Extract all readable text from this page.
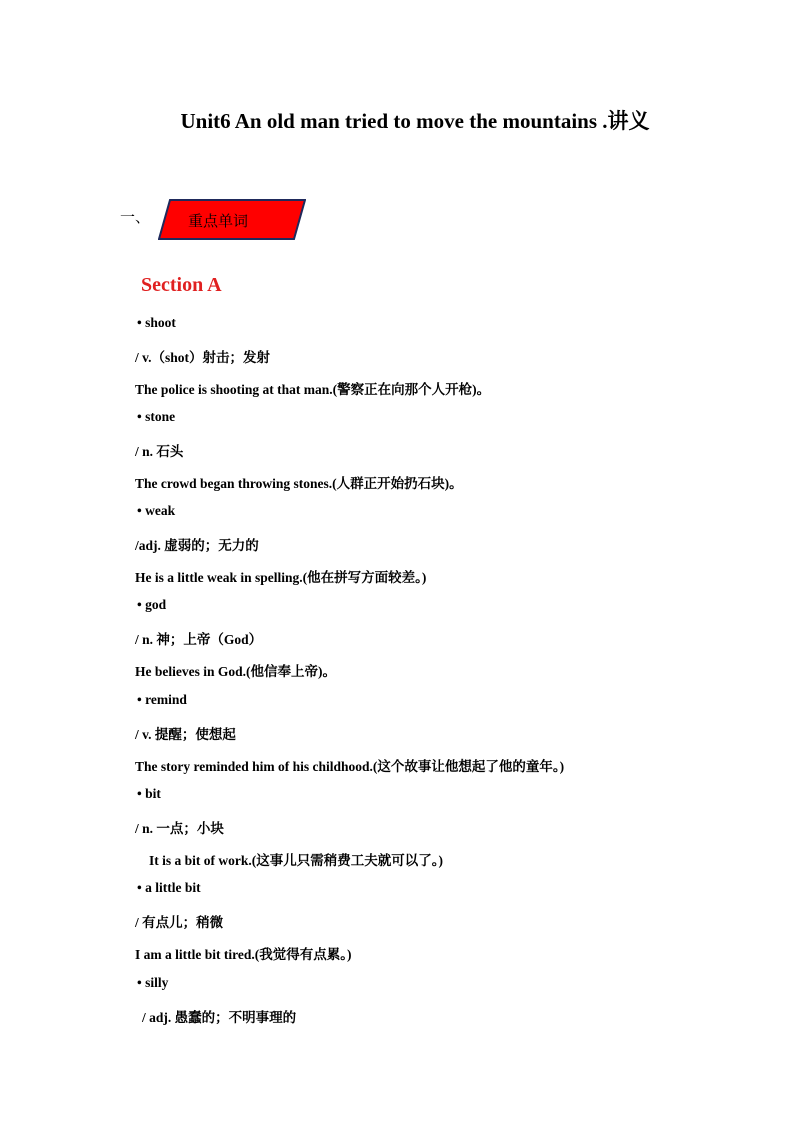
Unit6 An old man tried to move the mountains .讲义
一、	重点单词
Section A
• shoot
/ v.（shot）射击；发射
The police is shooting at that man.(警察正在向那个人开枪)。
• stone
/ n. 石头
The crowd began throwing stones.(人群正开始扔石块)。
• weak
/adj. 虚弱的；无力的
He is a little weak in spelling.(他在拼写方面较差。)
• god
/ n. 神；上帝（God）
He believes in God.(他信奉上帝)。
• remind
/ v. 提醒；使想起
The story reminded him of his childhood.(这个故事让他想起了他的童年。)
• bit
/ n. 一点；小块
It is a bit of work.(这事儿只需稍费工夫就可以了。)
• a little bit
/ 有点儿；稍微
I am a little bit tired.(我觉得有点累。)
• silly
/ adj. 愚蠢的；不明事理的
